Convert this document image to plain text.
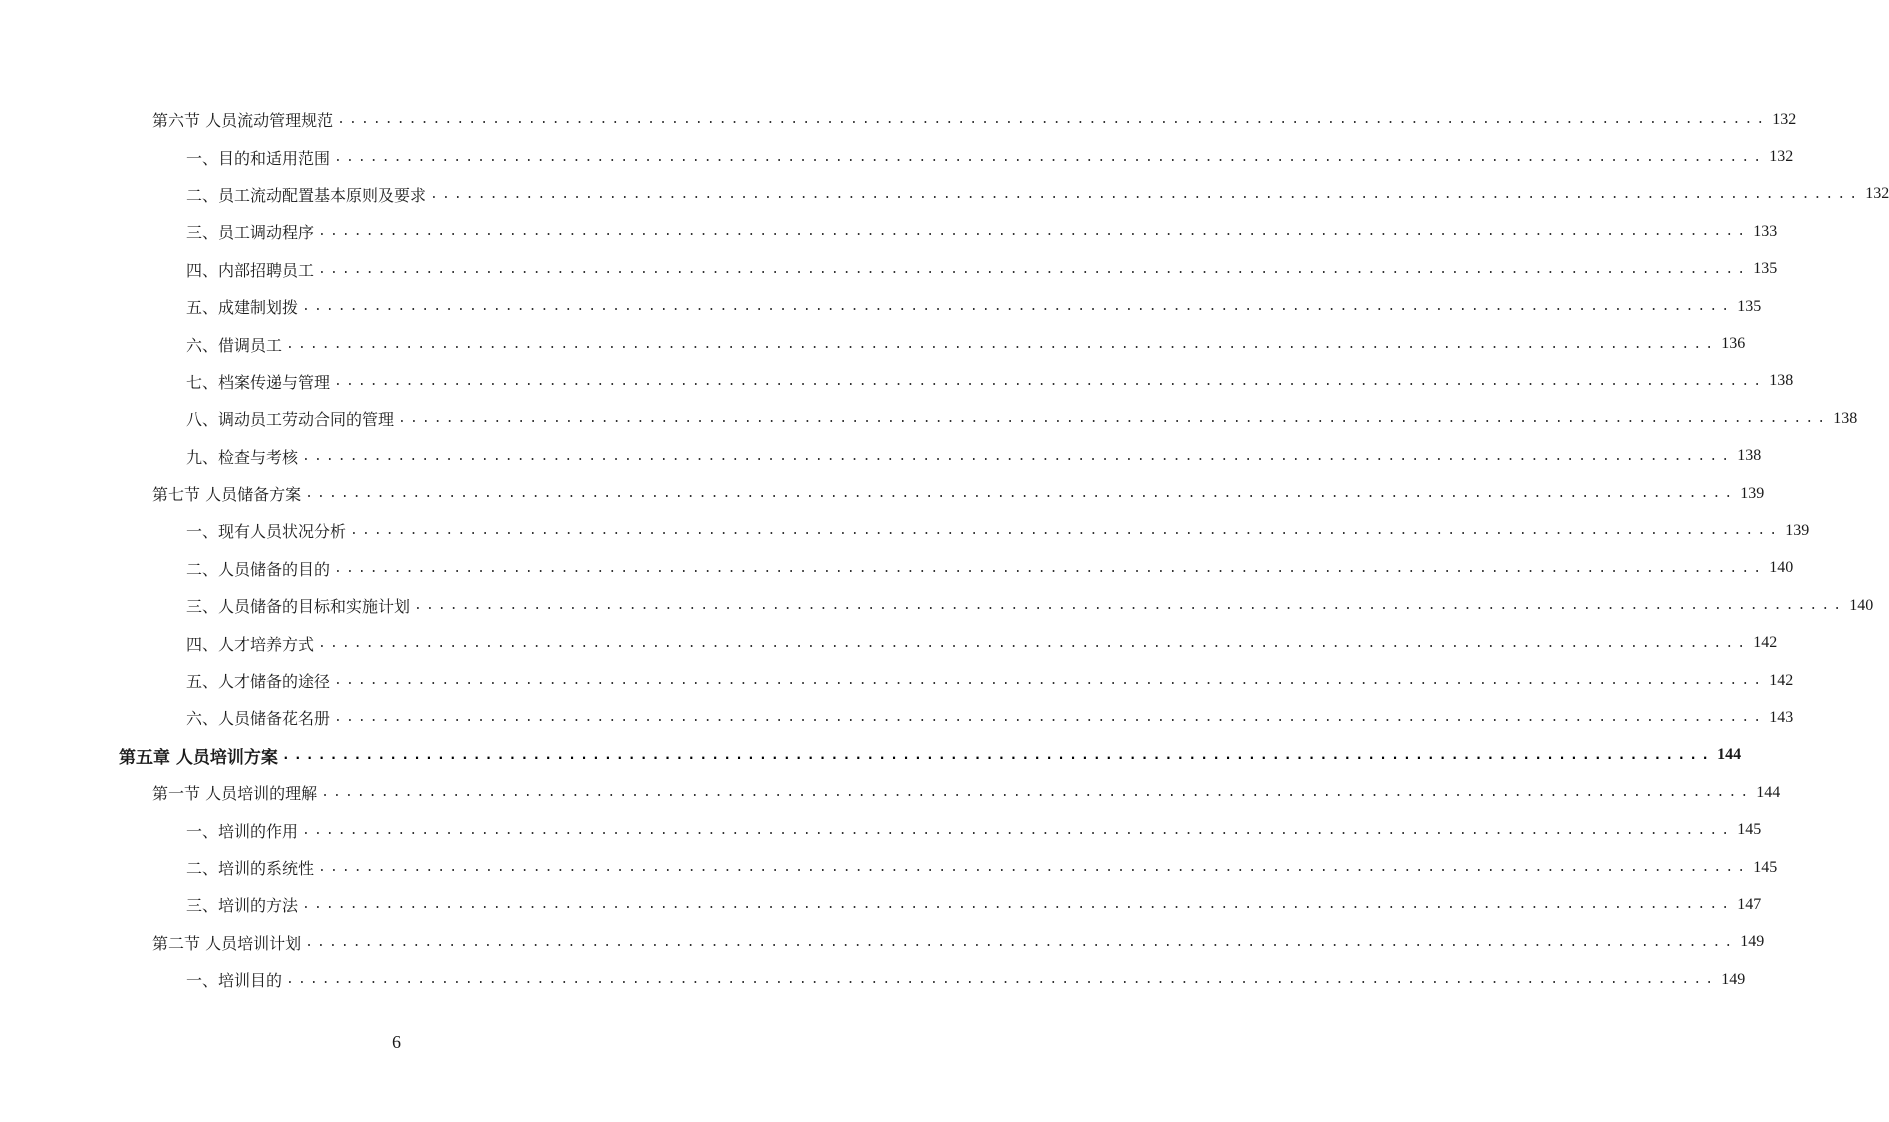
第六节 人员流动管理规范 ........................................................................................................................ 132
一、目的和适用范围 ........................................................................................................................ 132
二、员工流动配置基本原则及要求 ........................................................................................................................ 132
三、员工调动程序 ........................................................................................................................ 133
四、内部招聘员工 ........................................................................................................................ 135
五、成建制划拨 ........................................................................................................................ 135
六、借调员工 ........................................................................................................................ 136
七、档案传递与管理 ........................................................................................................................ 138
八、调动员工劳动合同的管理 ........................................................................................................................ 138
九、检查与考核 ........................................................................................................................ 138
第七节 人员储备方案 ........................................................................................................................ 139
一、现有人员状况分析 ........................................................................................................................ 139
二、人员储备的目的 ........................................................................................................................ 140
三、人员储备的目标和实施计划 ........................................................................................................................ 140
四、人才培养方式 ........................................................................................................................ 142
五、人才储备的途径 ........................................................................................................................ 142
六、人员储备花名册 ........................................................................................................................ 143
第五章 人员培训方案 ........................................................................................................................ 144
第一节 人员培训的理解 ........................................................................................................................ 144
一、培训的作用 ........................................................................................................................ 145
二、培训的系统性 ........................................................................................................................ 145
三、培训的方法 ........................................................................................................................ 147
第二节 人员培训计划 ........................................................................................................................ 149
一、培训目的 ........................................................................................................................ 149
6
